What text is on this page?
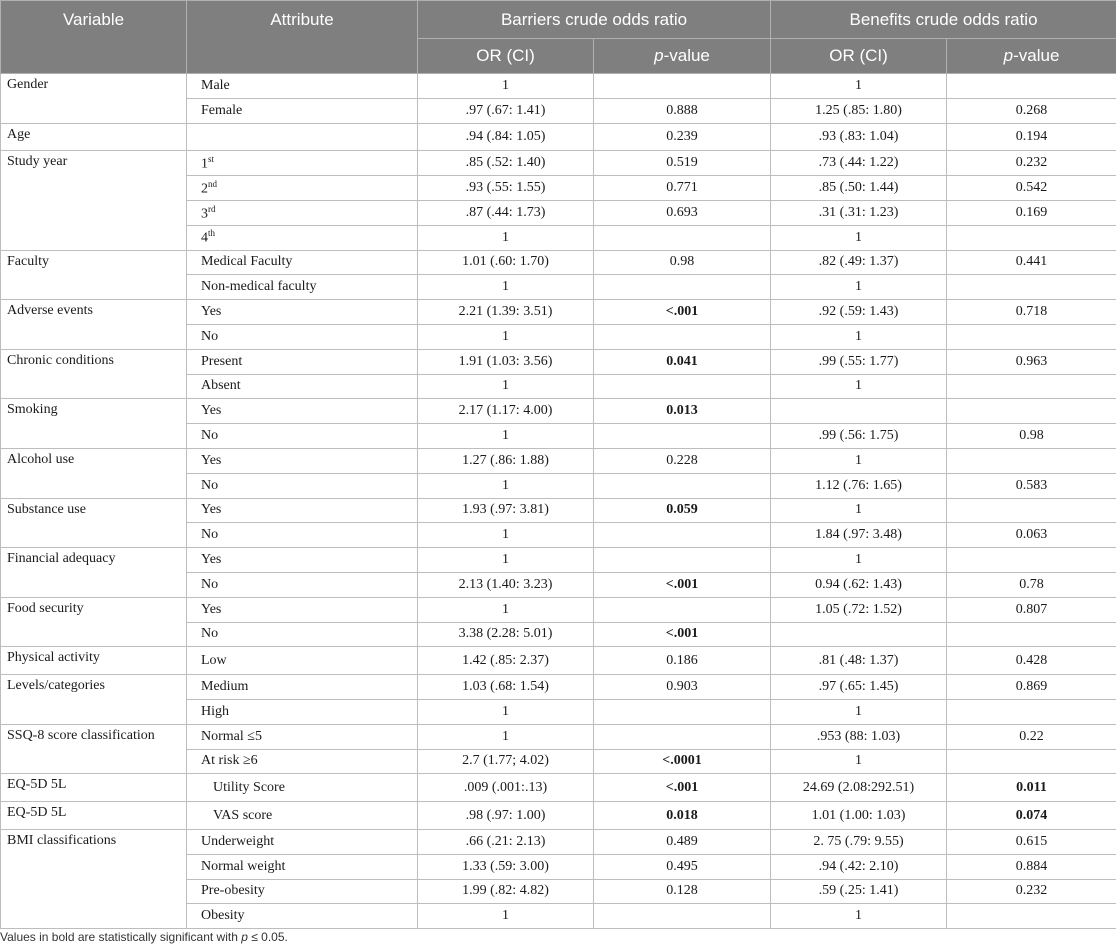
Variable	Attribute	Barriers crude odds ratio		Benefits crude odds ratio	
		OR (CI)	p-value	OR (CI)	p-value
Gender	Male	1		1	
	Female	.97 (.67: 1.41)	0.888	1.25 (.85: 1.80)	0.268
Age		.94 (.84: 1.05)	0.239	.93 (.83: 1.04)	0.194
Study year	1st	.85 (.52: 1.40)	0.519	.73 (.44: 1.22)	0.232
	2nd	.93 (.55: 1.55)	0.771	.85 (.50: 1.44)	0.542
	3rd	.87 (.44: 1.73)	0.693	.31 (.31: 1.23)	0.169
	4th	1		1	
Faculty	Medical Faculty	1.01 (.60: 1.70)	0.98	.82 (.49: 1.37)	0.441
	Non-medical faculty	1		1	
Adverse events	Yes	2.21 (1.39: 3.51)	<.001	.92 (.59: 1.43)	0.718
	No	1		1	
Chronic conditions	Present	1.91 (1.03: 3.56)	0.041	.99 (.55: 1.77)	0.963
	Absent	1		1	
Smoking	Yes	2.17 (1.17: 4.00)	0.013		
	No	1		.99 (.56: 1.75)	0.98
Alcohol use	Yes	1.27 (.86: 1.88)	0.228	1	
	No	1		1.12 (.76: 1.65)	0.583
Substance use	Yes	1.93 (.97: 3.81)	0.059	1	
	No	1		1.84 (.97: 3.48)	0.063
Financial adequacy	Yes	1		1	
	No	2.13 (1.40: 3.23)	<.001	0.94 (.62: 1.43)	0.78
Food security	Yes	1		1.05 (.72: 1.52)	0.807
	No	3.38 (2.28: 5.01)	<.001		
Physical activity	Low	1.42 (.85: 2.37)	0.186	.81 (.48: 1.37)	0.428
Levels/categories	Medium	1.03 (.68: 1.54)	0.903	.97 (.65: 1.45)	0.869
	High	1		1	
SSQ-8 score classification	Normal ≤5	1		.953 (88: 1.03)	0.22
	At risk ≥6	2.7 (1.77; 4.02)	<.0001	1	
EQ-5D 5L	Utility Score	.009 (.001:.13)	<.001	24.69 (2.08:292.51)	0.011
EQ-5D 5L	VAS score	.98 (.97: 1.00)	0.018	1.01 (1.00: 1.03)	0.074
BMI classifications	Underweight	.66 (.21: 2.13)	0.489	2. 75 (.79: 9.55)	0.615
	Normal weight	1.33 (.59: 3.00)	0.495	.94 (.42: 2.10)	0.884
	Pre-obesity	1.99 (.82: 4.82)	0.128	.59 (.25: 1.41)	0.232
	Obesity	1		1	
Values in bold are statistically significant with p ≤ 0.05.
